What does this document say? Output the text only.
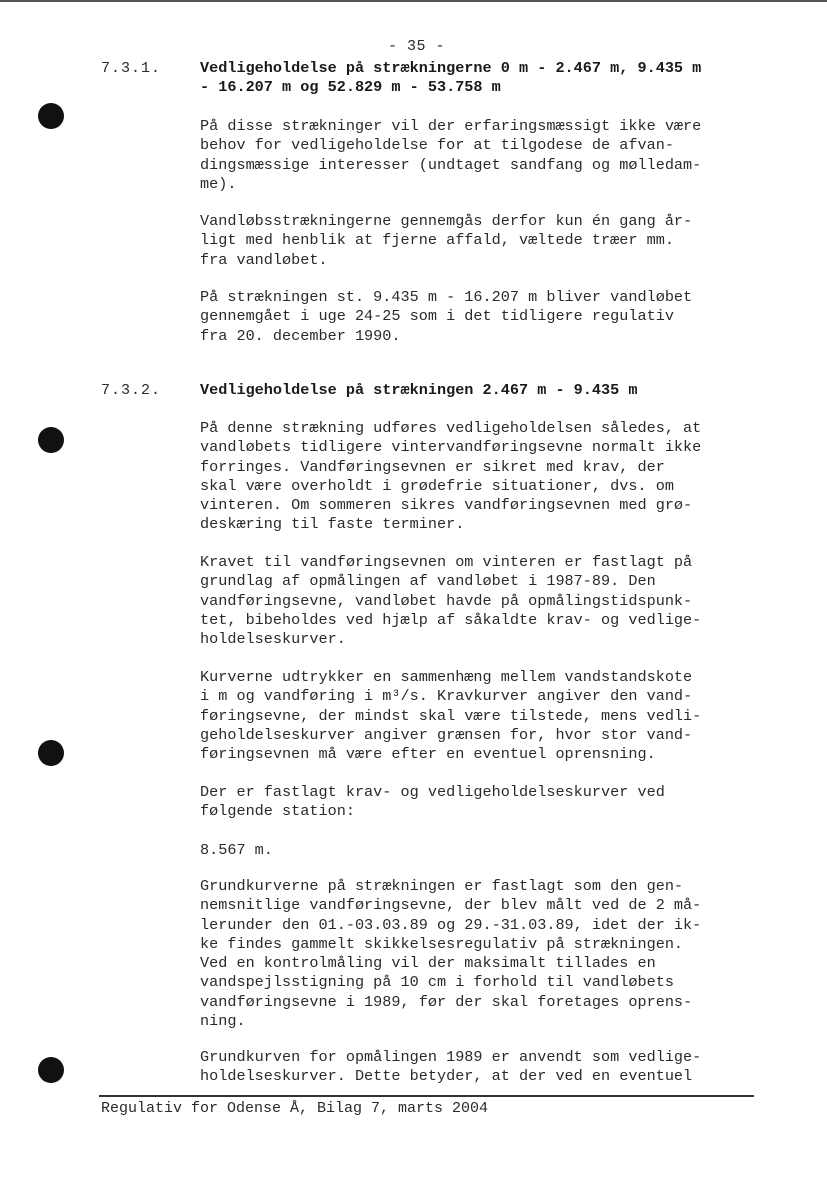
- 35 -
7.3.1.	Vedligeholdelse på strækningerne 0 m - 2.467 m, 9.435 m
- 16.207 m og 52.829 m - 53.758 m
På disse strækninger vil der erfaringsmæssigt ikke være
behov for vedligeholdelse for at tilgodese de afvan-
dingsmæssige interesser (undtaget sandfang og mølledam-
me).
Vandløbsstrækningerne gennemgås derfor kun én gang år-
ligt med henblik at fjerne affald, væltede træer mm.
fra vandløbet.
På strækningen st. 9.435 m - 16.207 m bliver vandløbet
gennemgået i uge 24-25 som i det tidligere regulativ
fra 20. december 1990.
7.3.2.	Vedligeholdelse på strækningen 2.467 m - 9.435 m
På denne strækning udføres vedligeholdelsen således, at
vandløbets tidligere vintervandføringsevne normalt ikke
forringes. Vandføringsevnen er sikret med krav, der
skal være overholdt i grødefrie situationer, dvs. om
vinteren. Om sommeren sikres vandføringsevnen med grø-
deskæring til faste terminer.
Kravet til vandføringsevnen om vinteren er fastlagt på
grundlag af opmålingen af vandløbet i 1987-89. Den
vandføringsevne, vandløbet havde på opmålingstidspunk-
tet, bibeholdes ved hjælp af såkaldte krav- og vedlige-
holdelseskurver.
Kurverne udtrykker en sammenhæng mellem vandstandskote
i m og vandføring i m³/s. Kravkurver angiver den vand-
føringsevne, der mindst skal være tilstede, mens vedli-
geholdelseskurver angiver grænsen for, hvor stor vand-
føringsevnen må være efter en eventuel oprensning.
Der er fastlagt krav- og vedligeholdelseskurver ved
følgende station:
8.567 m.
Grundkurverne på strækningen er fastlagt som den gen-
nemsnitlige vandføringsevne, der blev målt ved de 2 må-
lerunder den 01.-03.03.89 og 29.-31.03.89, idet der ik-
ke findes gammelt skikkelsesregulativ på strækningen.
Ved en kontrolmåling vil der maksimalt tillades en
vandspejlsstigning på 10 cm i forhold til vandløbets
vandføringsevne i 1989, før der skal foretages oprens-
ning.
Grundkurven for opmålingen 1989 er anvendt som vedlige-
holdelseskurver. Dette betyder, at der ved en eventuel
Regulativ for Odense Å, Bilag 7, marts 2004
